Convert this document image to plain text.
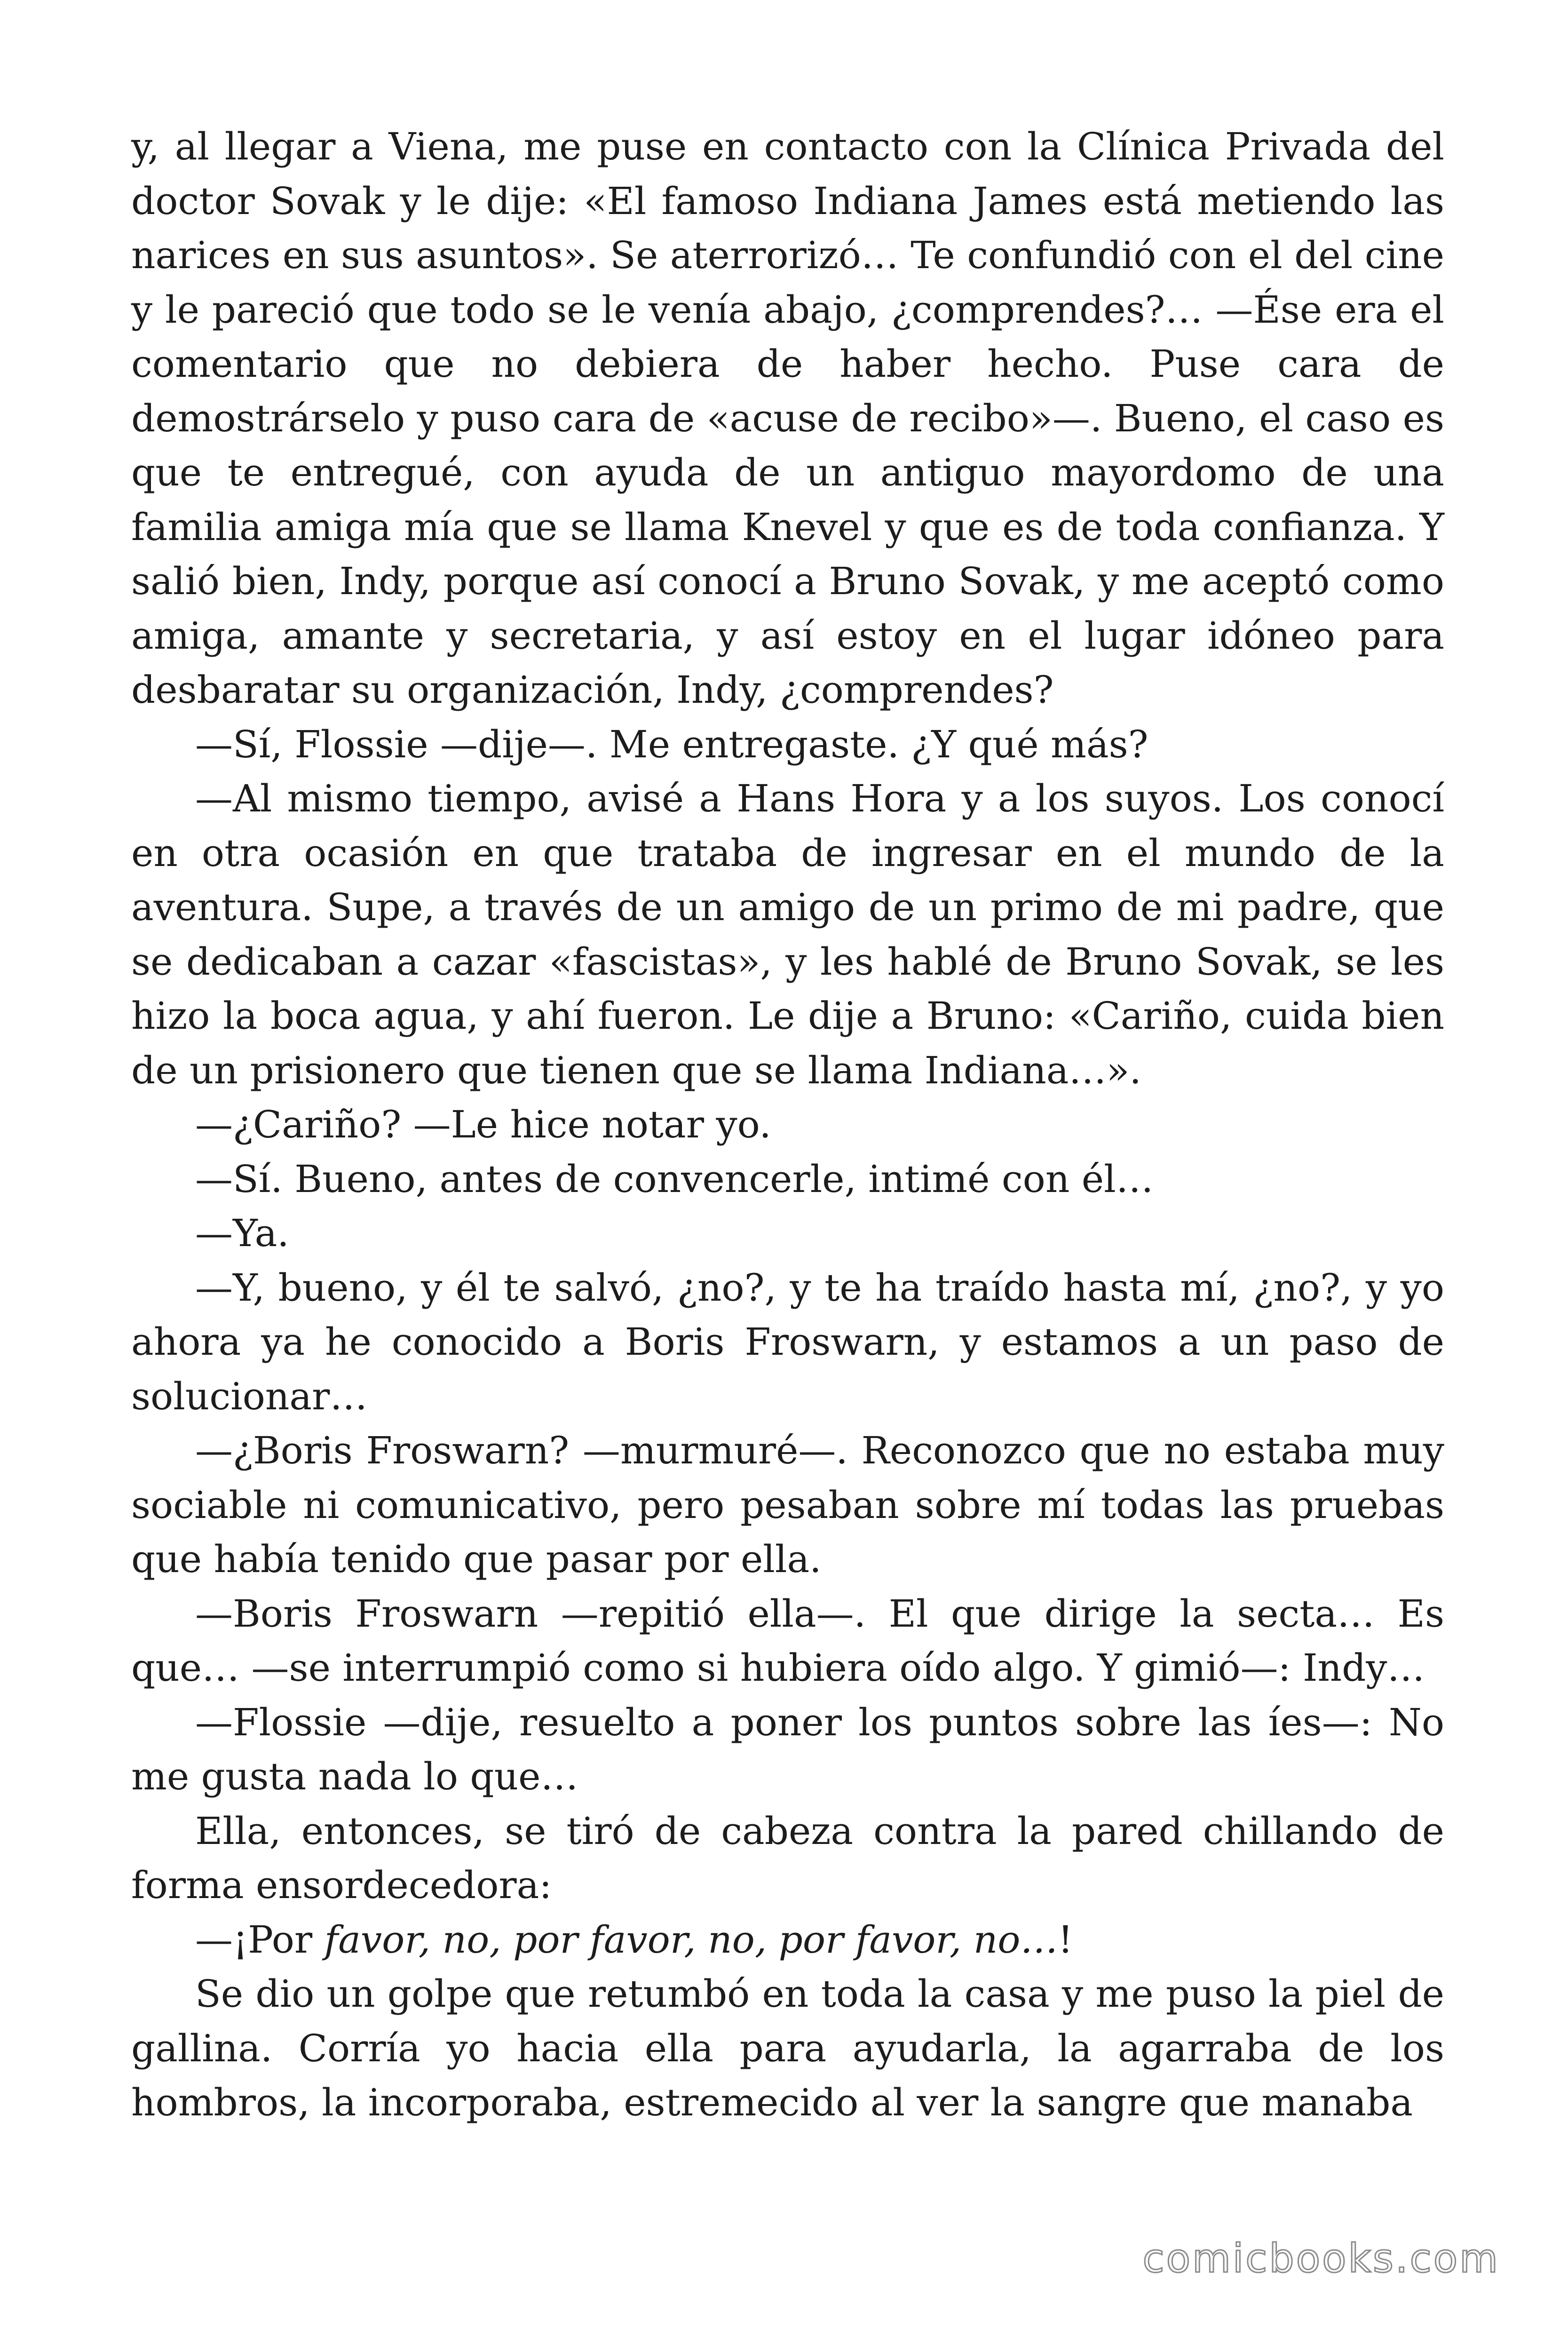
y, al llegar a Viena, me puse en contacto con la Clínica Privada del doctor Sovak y le dije: «El famoso Indiana James está metiendo las narices en sus asuntos». Se aterrorizó… Te confundió con el del cine y le pareció que todo se le venía abajo, ¿comprendes?… —Ése era el comentario que no debiera de haber hecho. Puse cara de demostrárselo y puso cara de «acuse de recibo»—. Bueno, el caso es que te entregué, con ayuda de un antiguo mayordomo de una familia amiga mía que se llama Knevel y que es de toda confianza. Y salió bien, Indy, porque así conocí a Bruno Sovak, y me aceptó como amiga, amante y secretaria, y así estoy en el lugar idóneo para desbaratar su organización, Indy, ¿comprendes?

—Sí, Flossie —dije—. Me entregaste. ¿Y qué más?

—Al mismo tiempo, avisé a Hans Hora y a los suyos. Los conocí en otra ocasión en que trataba de ingresar en el mundo de la aventura. Supe, a través de un amigo de un primo de mi padre, que se dedicaban a cazar «fascistas», y les hablé de Bruno Sovak, se les hizo la boca agua, y ahí fueron. Le dije a Bruno: «Cariño, cuida bien de un prisionero que tienen que se llama Indiana…».

—¿Cariño? —Le hice notar yo.

—Sí. Bueno, antes de convencerle, intimé con él…

—Ya.

—Y, bueno, y él te salvó, ¿no?, y te ha traído hasta mí, ¿no?, y yo ahora ya he conocido a Boris Froswarn, y estamos a un paso de solucionar…

—¿Boris Froswarn? —murmuré—. Reconozco que no estaba muy sociable ni comunicativo, pero pesaban sobre mí todas las pruebas que había tenido que pasar por ella.

—Boris Froswarn —repitió ella—. El que dirige la secta… Es que… —se interrumpió como si hubiera oído algo. Y gimió—: Indy…

—Flossie —dije, resuelto a poner los puntos sobre las íes—: No me gusta nada lo que…

Ella, entonces, se tiró de cabeza contra la pared chillando de forma ensordecedora:

—¡Por favor, no, por favor, no, por favor, no…!

Se dio un golpe que retumbó en toda la casa y me puso la piel de gallina. Corría yo hacia ella para ayudarla, la agarraba de los hombros, la incorporaba, estremecido al ver la sangre que manaba

comicbooks.com
